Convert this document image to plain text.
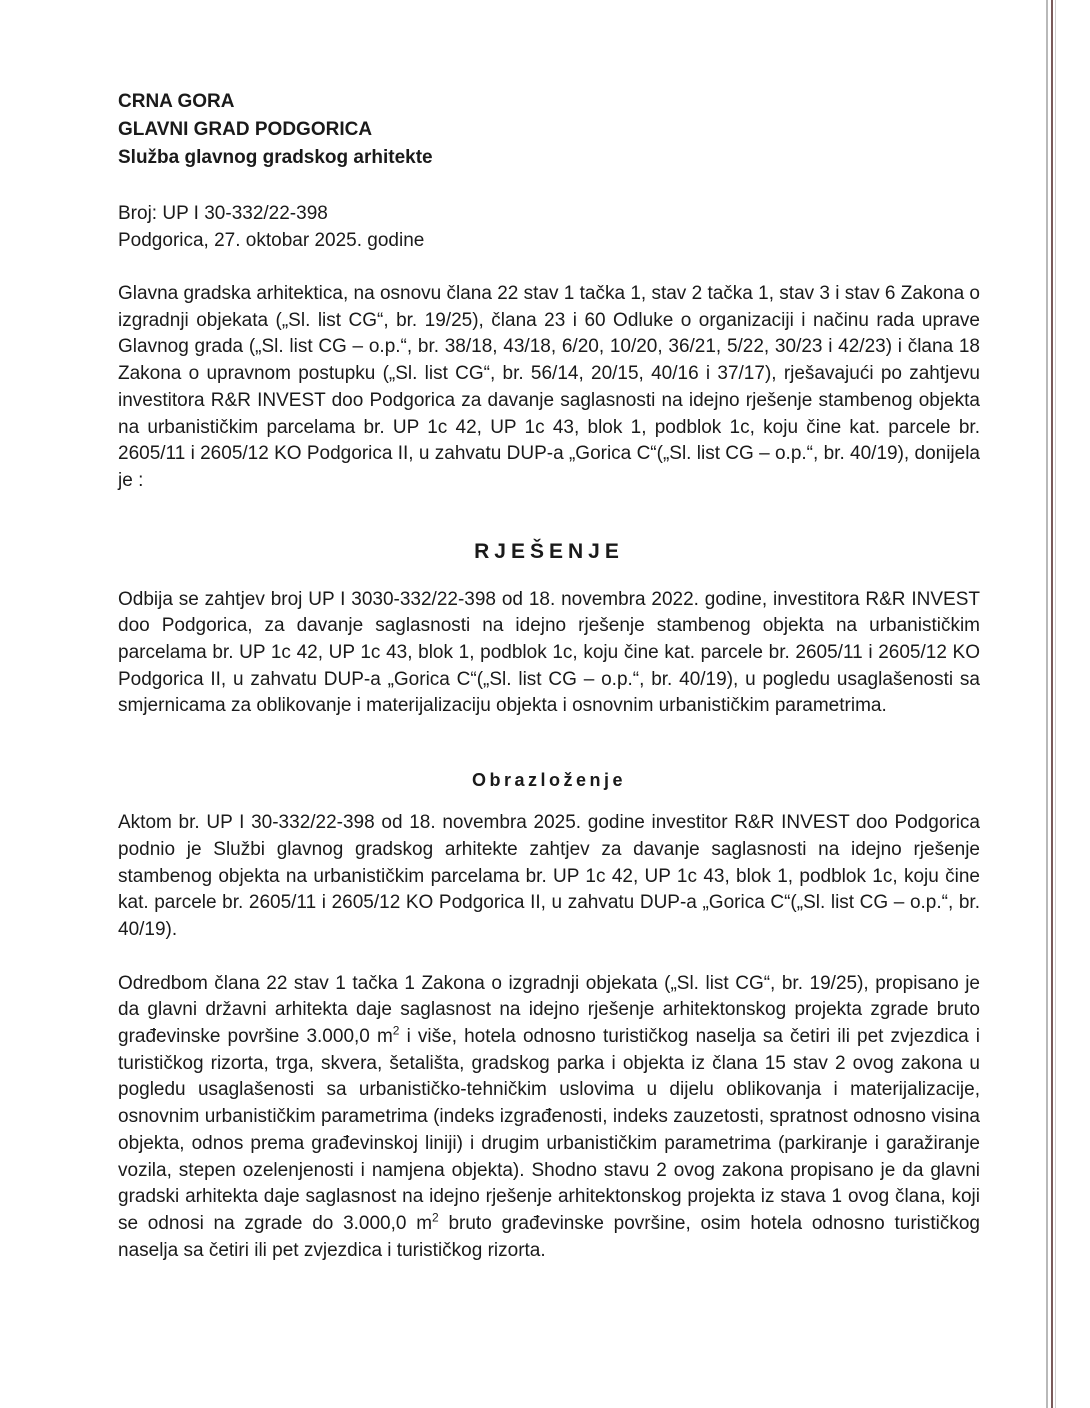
CRNA GORA

GLAVNI GRAD PODGORICA

Služba glavnog gradskog arhitekte

Broj: UP I 30-332/22-398

Podgorica, 27. oktobar 2025. godine

Glavna gradska arhitektica, na osnovu člana 22 stav 1 tačka 1, stav 2 tačka 1, stav 3 i stav 6 Zakona o izgradnji objekata („Sl. list CG“, br. 19/25), člana 23 i 60 Odluke o organizaciji i načinu rada uprave Glavnog grada („Sl. list CG – o.p.“, br. 38/18, 43/18, 6/20, 10/20, 36/21, 5/22, 30/23 i 42/23) i člana 18 Zakona o upravnom postupku („Sl. list CG“, br. 56/14, 20/15, 40/16 i 37/17), rješavajući po zahtjevu investitora R&R INVEST doo Podgorica za davanje saglasnosti na idejno rješenje stambenog objekta na urbanističkim parcelama br. UP 1c 42, UP 1c 43, blok 1, podblok 1c, koju čine kat. parcele br. 2605/11 i 2605/12 KO Podgorica II, u zahvatu DUP-a „Gorica C“(„Sl. list CG – o.p.“, br. 40/19), donijela je :

RJEŠENJE

Odbija se zahtjev broj UP I 3030-332/22-398 od 18. novembra 2022. godine, investitora R&R INVEST doo Podgorica, za davanje saglasnosti na idejno rješenje stambenog objekta na urbanističkim parcelama br. UP 1c 42, UP 1c 43, blok 1, podblok 1c, koju čine kat. parcele br. 2605/11 i 2605/12 KO Podgorica II, u zahvatu DUP-a „Gorica C“(„Sl. list CG – o.p.“, br. 40/19), u pogledu usaglašenosti sa smjernicama za oblikovanje i materijalizaciju objekta i osnovnim urbanističkim parametrima.

Obrazloženje

Aktom br. UP I 30-332/22-398 od 18. novembra 2025. godine investitor R&R INVEST doo Podgorica podnio je Službi glavnog gradskog arhitekte zahtjev za davanje saglasnosti na idejno rješenje stambenog objekta na urbanističkim parcelama br. UP 1c 42, UP 1c 43, blok 1, podblok 1c, koju čine kat. parcele br. 2605/11 i 2605/12 KO Podgorica II, u zahvatu DUP-a „Gorica C“(„Sl. list CG – o.p.“, br. 40/19).

Odredbom člana 22 stav 1 tačka 1 Zakona o izgradnji objekata („Sl. list CG“, br. 19/25), propisano je da glavni državni arhitekta daje saglasnost na idejno rješenje arhitektonskog projekta zgrade bruto građevinske površine 3.000,0 $m^2$ i više, hotela odnosno turističkog naselja sa četiri ili pet zvjezdica i turističkog rizorta, trga, skvera, šetališta, gradskog parka i objekta iz člana 15 stav 2 ovog zakona u pogledu usaglašenosti sa urbanističko-tehničkim uslovima u dijelu oblikovanja i materijalizacije, osnovnim urbanističkim parametrima (indeks izgrađenosti, indeks zauzetosti, spratnost odnosno visina objekta, odnos prema građevinskoj liniji) i drugim urbanističkim parametrima (parkiranje i garažiranje vozila, stepen ozelenjenosti i namjena objekta). Shodno stavu 2 ovog zakona propisano je da glavni gradski arhitekta daje saglasnost na idejno rješenje arhitektonskog projekta iz stava 1 ovog člana, koji se odnosi na zgrade do 3.000,0 $m^2$ bruto građevinske površine, osim hotela odnosno turističkog naselja sa četiri ili pet zvjezdica i turističkog rizorta.
